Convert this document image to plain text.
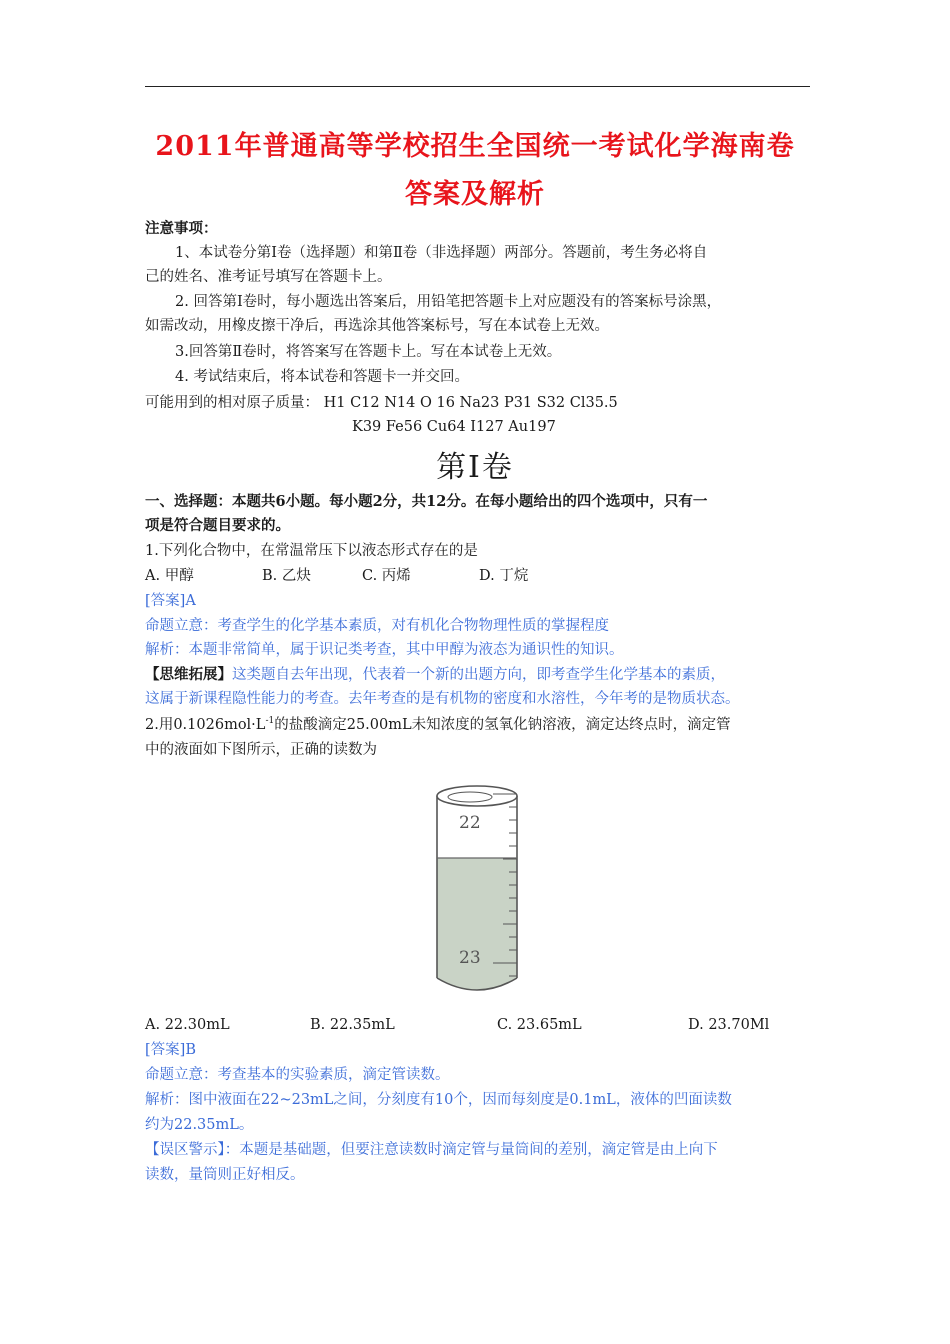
2011年普通高等学校招生全国统一考试化学海南卷
答案及解析
注意事项：
1、本试卷分第Ⅰ卷（选择题）和第Ⅱ卷（非选择题）两部分。答题前，考生务必将自
己的姓名、准考证号填写在答题卡上。
2. 回答第Ⅰ卷时，每小题选出答案后，用铅笔把答题卡上对应题没有的答案标号涂黑，
如需改动，用橡皮擦干净后，再选涂其他答案标号，写在本试卷上无效。
3.回答第Ⅱ卷时，将答案写在答题卡上。写在本试卷上无效。
4. 考试结束后，将本试卷和答题卡一并交回。
可能用到的相对原子质量： H1 C12 N14 O 16 Na23 P31 S32 Cl35.5
K39 Fe56 Cu64 I127 Au197
第Ⅰ卷
一、选择题：本题共6小题。每小题2分，共12分。在每小题给出的四个选项中，只有一
项是符合题目要求的。
1.下列化合物中，在常温常压下以液态形式存在的是
A. 甲醇	B. 乙炔	C. 丙烯	D. 丁烷
[答案]A
命题立意：考查学生的化学基本素质，对有机化合物物理性质的掌握程度
解析：本题非常简单，属于识记类考查，其中甲醇为液态为通识性的知识。
【思维拓展】这类题自去年出现，代表着一个新的出题方向，即考查学生化学基本的素质，
这属于新课程隐性能力的考查。去年考查的是有机物的密度和水溶性，今年考的是物质状态。
2.用$0.1026mol\cdot L^{-1}$的盐酸滴定25.00mL未知浓度的氢氧化钠溶液，滴定达终点时，滴定管
中的液面如下图所示，正确的读数为
22
23
A. 22.30mL	B. 22.35mL	C. 23.65mL	D. 23.70Ml
[答案]B
命题立意：考查基本的实验素质，滴定管读数。
解析：图中液面在22~23mL之间，分刻度有10个，因而每刻度是0.1mL，液体的凹面读数
约为22.35mL。
【误区警示】：本题是基础题，但要注意读数时滴定管与量筒间的差别，滴定管是由上向下
读数，量筒则正好相反。
